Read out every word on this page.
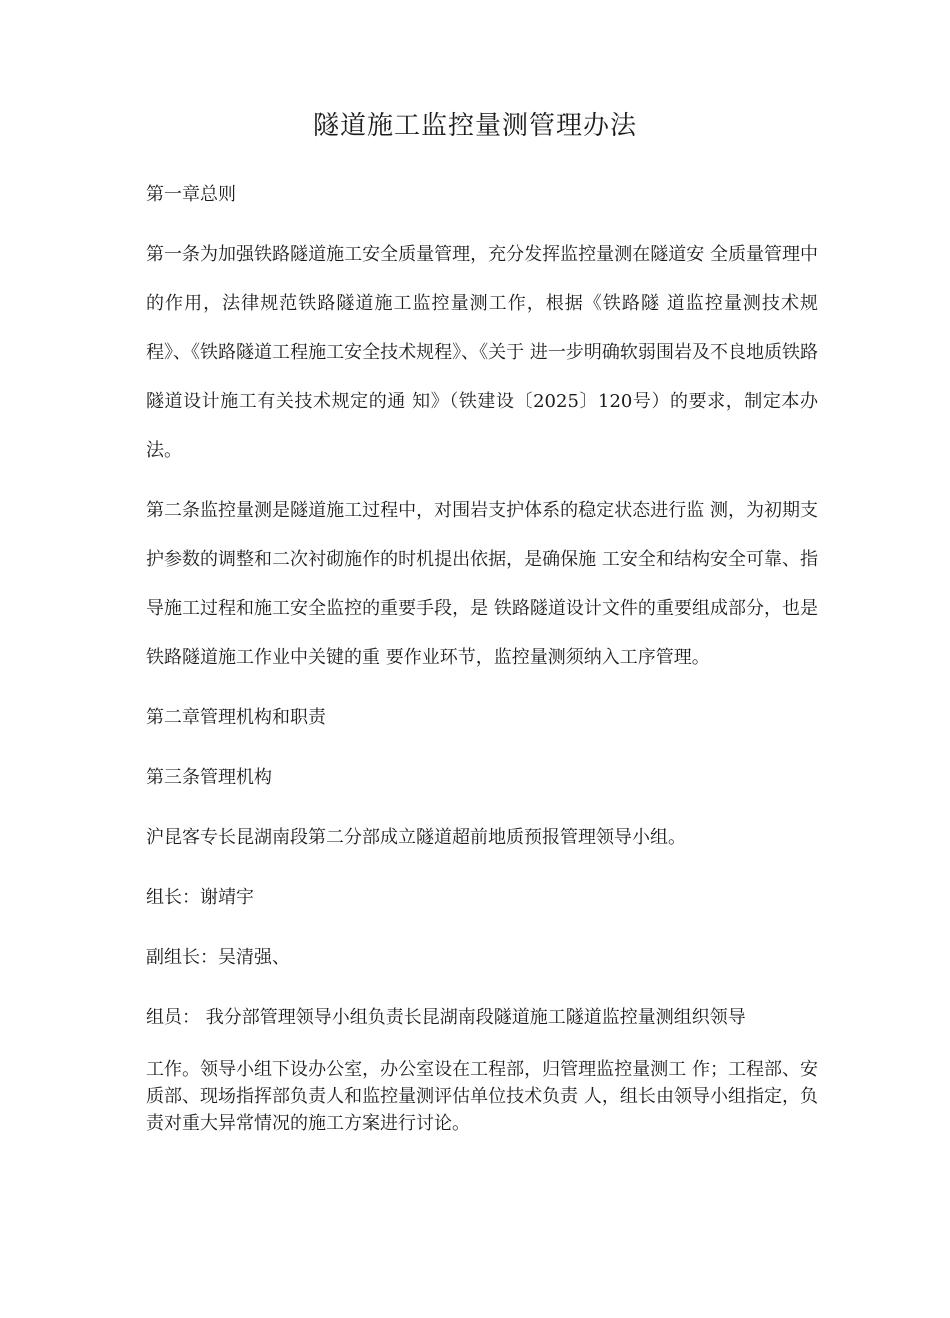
隧道施工监控量测管理办法

第一章总则

第一条为加强铁路隧道施工安全质量管理，充分发挥监控量测在隧道安 全质量管理中的作用，法律规范铁路隧道施工监控量测工作，根据《铁路隧 道监控量测技术规程》、《铁路隧道工程施工安全技术规程》、《关于 进一步明确软弱围岩及不良地质铁路隧道设计施工有关技术规定的通 知》（铁建设〔2025〕120号）的要求，制定本办法。

第二条监控量测是隧道施工过程中，对围岩支护体系的稳定状态进行监 测，为初期支护参数的调整和二次衬砌施作的时机提出依据，是确保施 工安全和结构安全可靠、指导施工过程和施工安全监控的重要手段，是 铁路隧道设计文件的重要组成部分，也是铁路隧道施工作业中关键的重 要作业环节，监控量测须纳入工序管理。

第二章管理机构和职责

第三条管理机构

沪昆客专长昆湖南段第二分部成立隧道超前地质预报管理领导小组。

组长：谢靖宇

副组长：吴清强、

组员： 我分部管理领导小组负责长昆湖南段隧道施工隧道监控量测组织领导

工作。领导小组下设办公室，办公室设在工程部，归管理监控量测工 作；工程部、安质部、现场指挥部负责人和监控量测评估单位技术负责 人，组长由领导小组指定，负责对重大异常情况的施工方案进行讨论。
